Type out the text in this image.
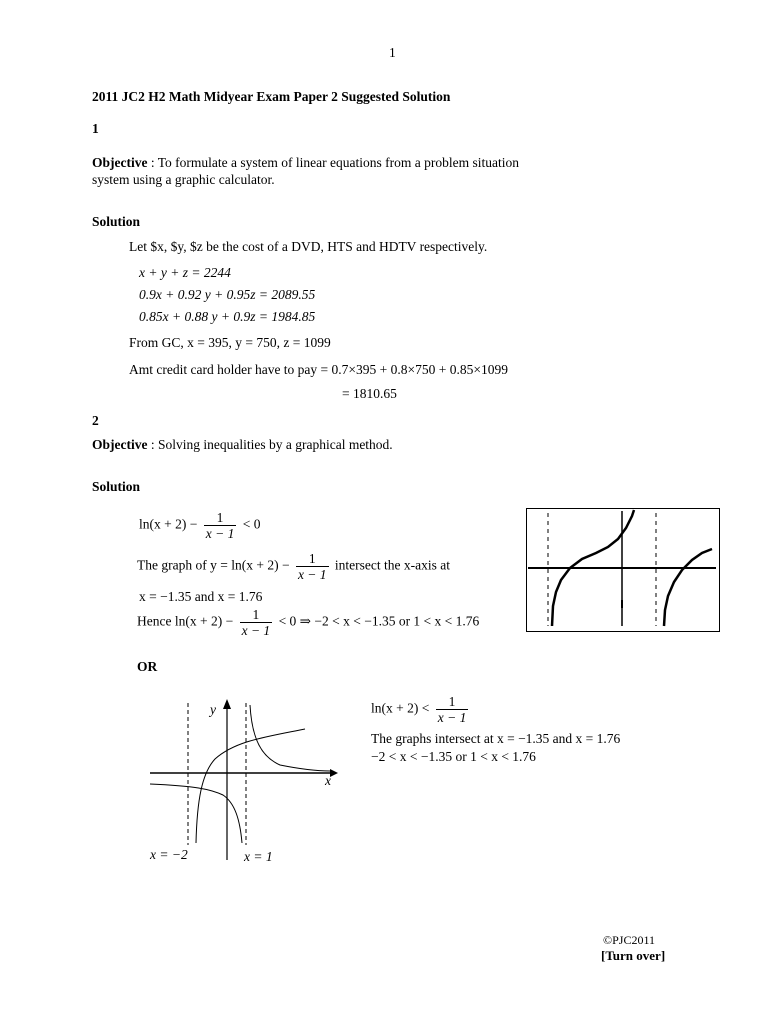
1
2011 JC2 H2 Math Midyear Exam Paper 2 Suggested Solution
1
Objective : To formulate a system of linear equations from a problem situation
system using a graphic calculator.
Solution
Let $x, $y, $z be the cost of a DVD, HTS and HDTV respectively.
x + y + z = 2244
0.9x + 0.92 y + 0.95z = 2089.55
0.85x + 0.88 y + 0.9z = 1984.85
From GC, x = 395, y = 750, z = 1099
Amt credit card holder have to pay = 0.7×395 + 0.8×750 + 0.85×1099
= 1810.65
2
Objective : Solving inequalities by a graphical method.
Solution
$\ln(x + 2) - \frac{1}{x - 1} < 0$
The graph of $y = \ln(x + 2) - \frac{1}{x - 1}$ intersect the x-axis at
x = −1.35 and x = 1.76
Hence $\ln(x + 2) - \frac{1}{x - 1} < 0$ ⇒ −2 < x < −1.35 or 1 < x < 1.76
OR
y
x
x = −2	x = 1
$\ln(x + 2) < \frac{1}{x - 1}$
The graphs intersect at x = −1.35 and x = 1.76
−2 < x < −1.35 or 1 < x < 1.76
©PJC2011
[Turn over]
